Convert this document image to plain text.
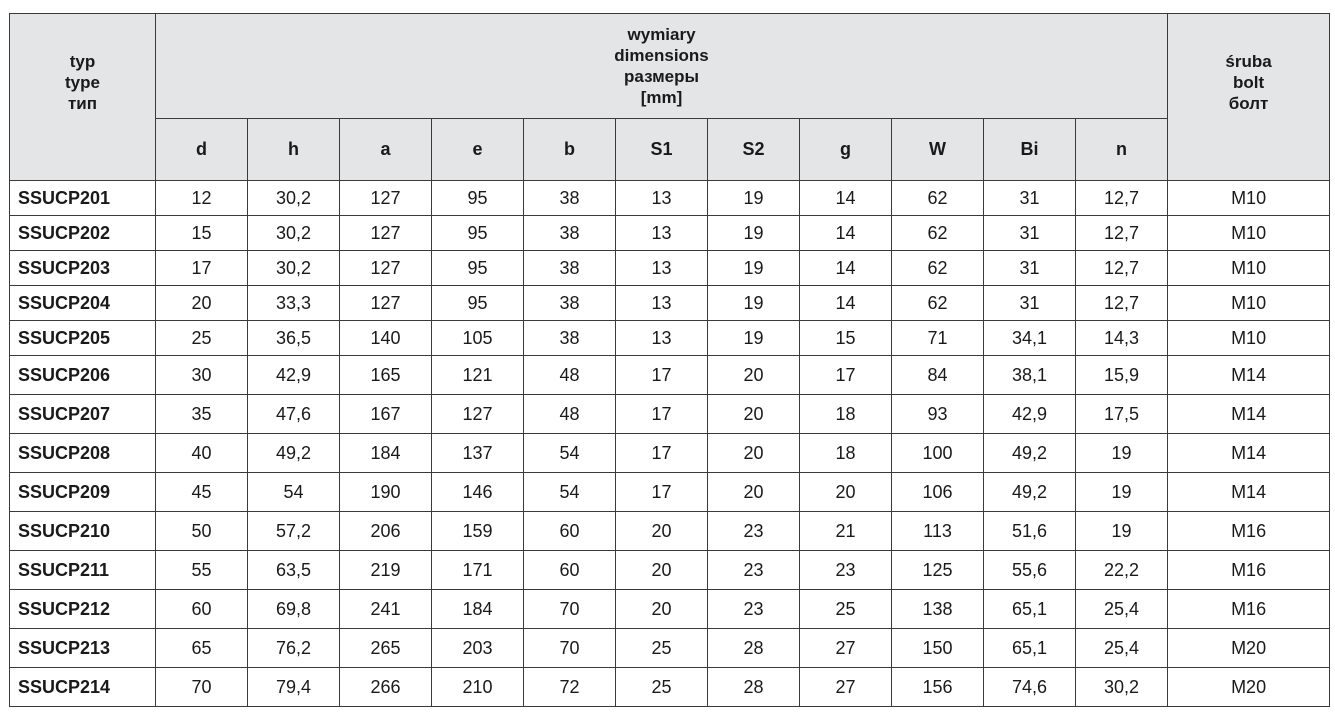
typ
type
тип	wymiary
dimensions
размеры
[mm]											śruba
bolt
болт

	d	h	a	e	b	S1	S2	g	W	Bi	n	
SSUCP201	12	30,2	127	95	38	13	19	14	62	31	12,7	M10
SSUCP202	15	30,2	127	95	38	13	19	14	62	31	12,7	M10
SSUCP203	17	30,2	127	95	38	13	19	14	62	31	12,7	M10
SSUCP204	20	33,3	127	95	38	13	19	14	62	31	12,7	M10
SSUCP205	25	36,5	140	105	38	13	19	15	71	34,1	14,3	M10
SSUCP206	30	42,9	165	121	48	17	20	17	84	38,1	15,9	M14
SSUCP207	35	47,6	167	127	48	17	20	18	93	42,9	17,5	M14
SSUCP208	40	49,2	184	137	54	17	20	18	100	49,2	19	M14
SSUCP209	45	54	190	146	54	17	20	20	106	49,2	19	M14
SSUCP210	50	57,2	206	159	60	20	23	21	113	51,6	19	M16
SSUCP211	55	63,5	219	171	60	20	23	23	125	55,6	22,2	M16
SSUCP212	60	69,8	241	184	70	20	23	25	138	65,1	25,4	M16
SSUCP213	65	76,2	265	203	70	25	28	27	150	65,1	25,4	M20
SSUCP214	70	79,4	266	210	72	25	28	27	156	74,6	30,2	M20
